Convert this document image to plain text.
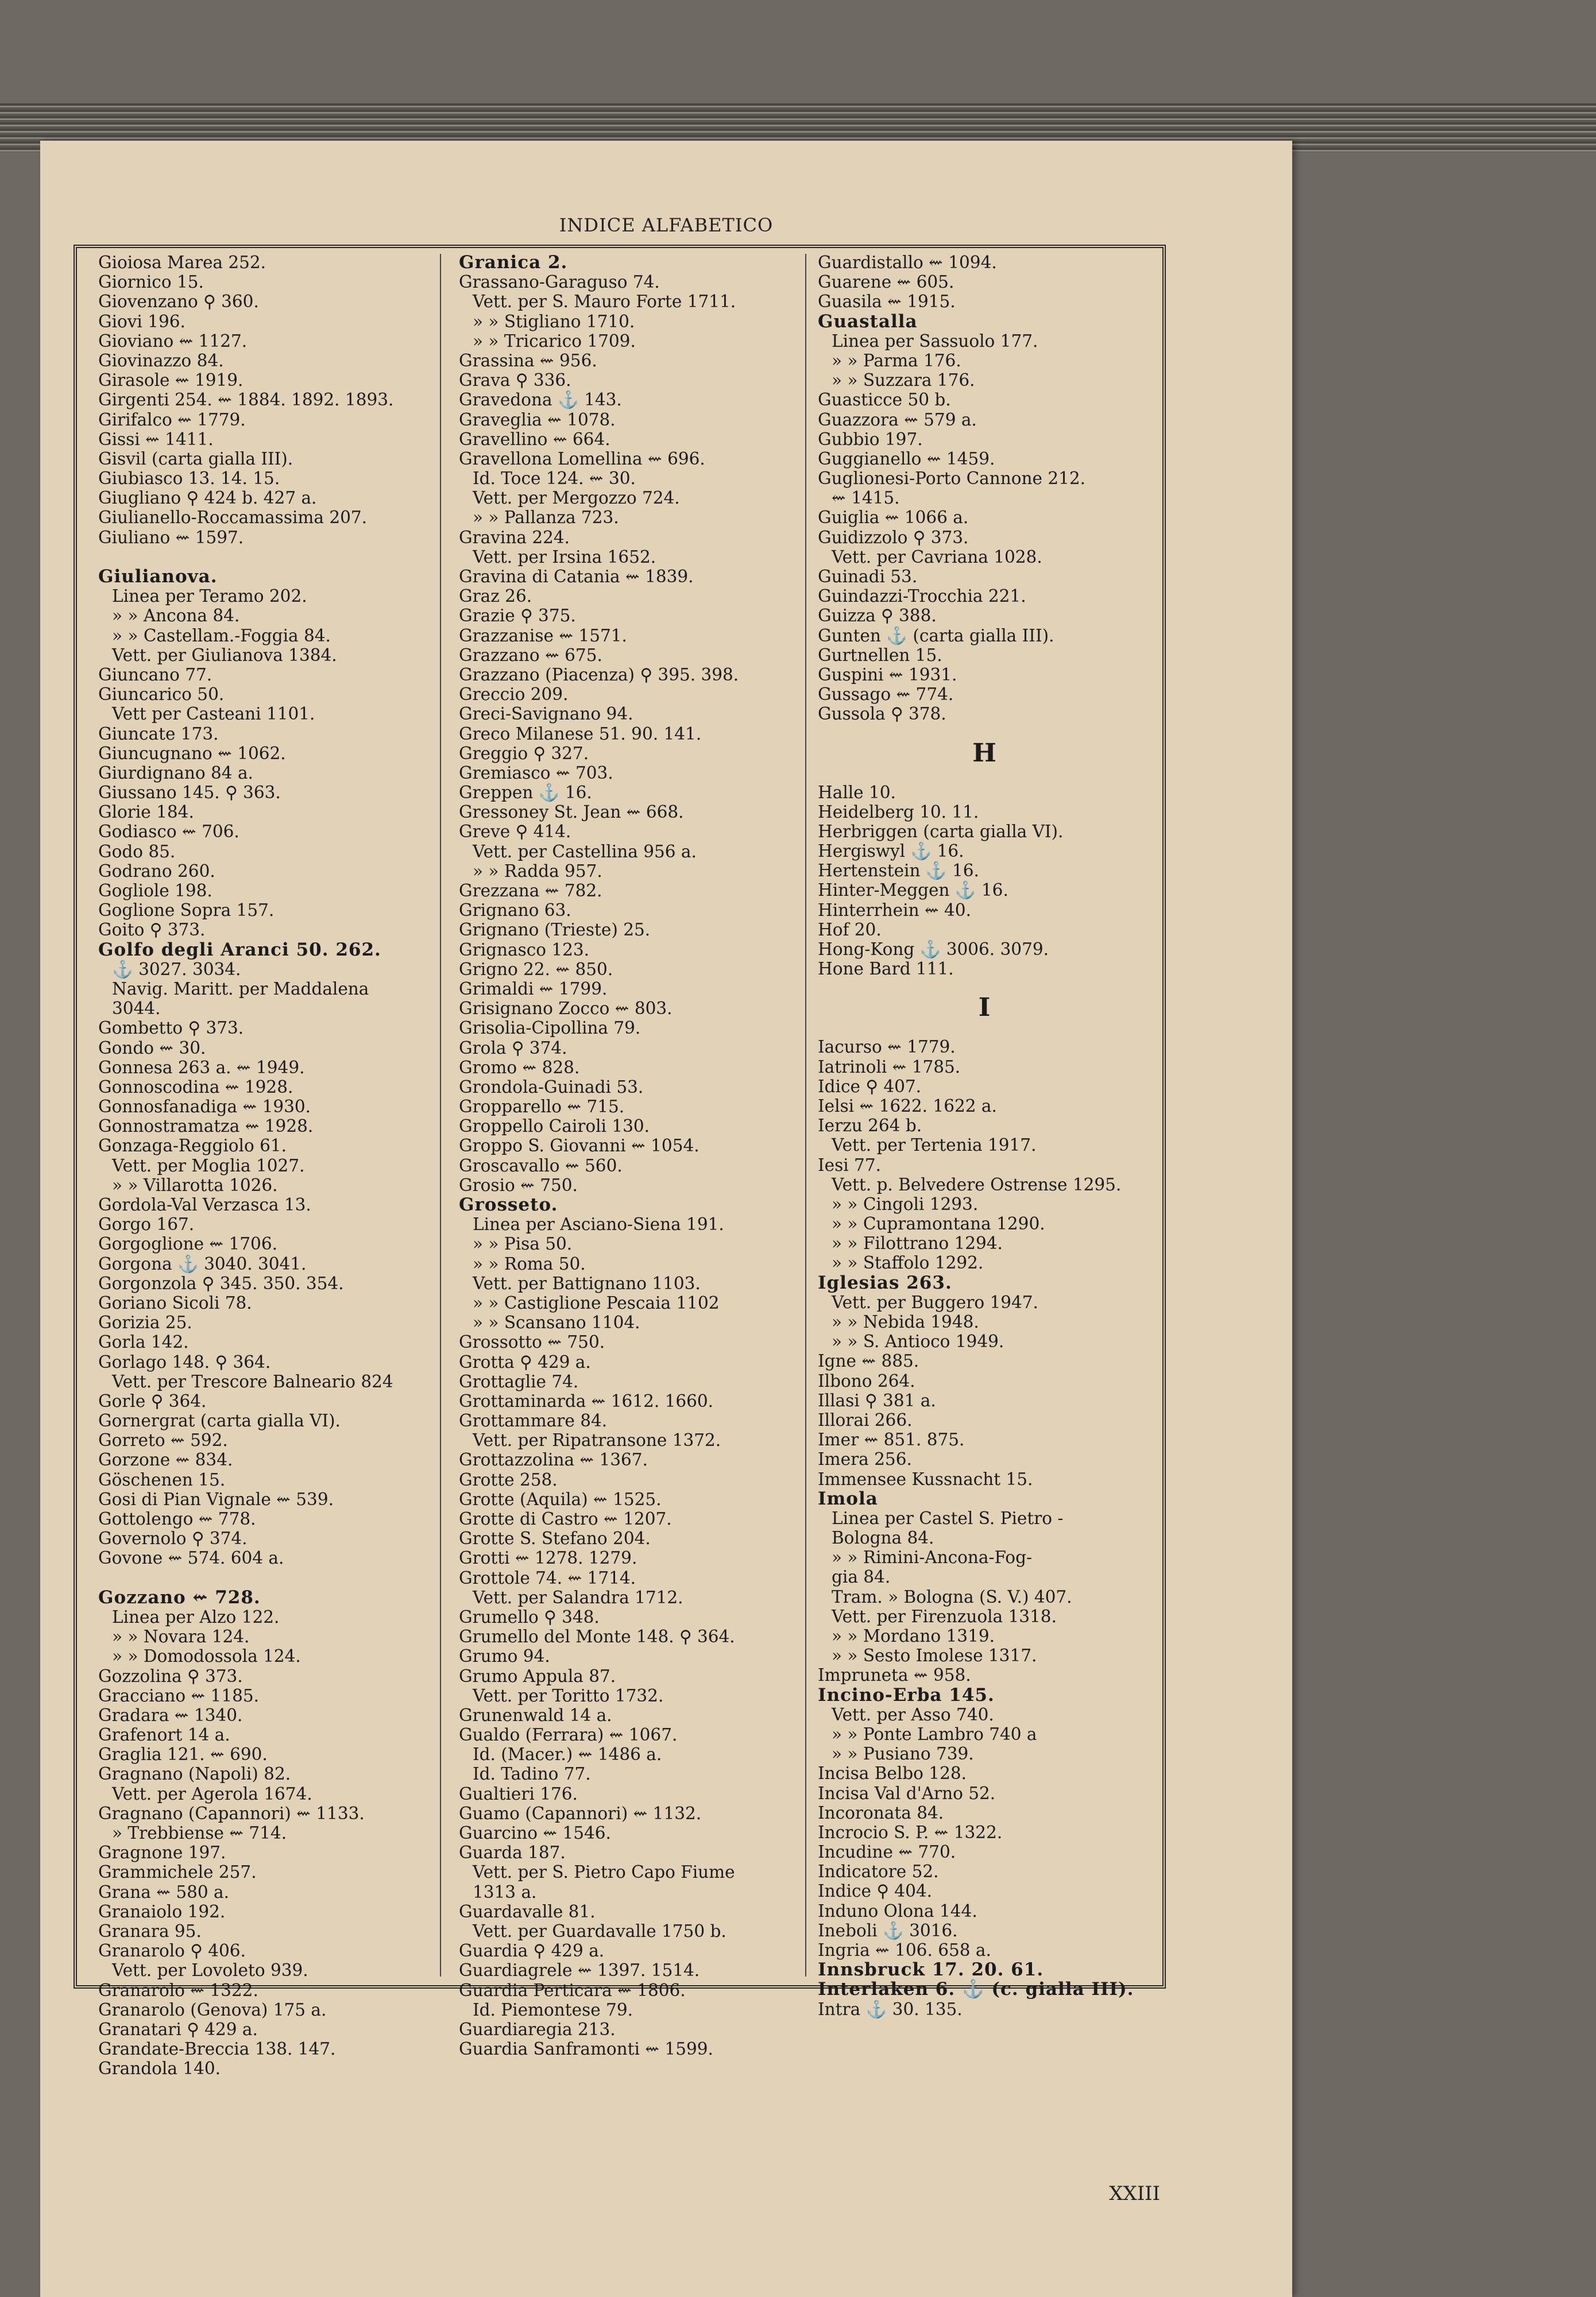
INDICE ALFABETICO
Gioiosa Marea 252.
Giornico 15.
Giovenzano ⚲ 360.
Giovi 196.
Gioviano ⇜ 1127.
Giovinazzo 84.
Girasole ⇜ 1919.
Girgenti 254. ⇜ 1884. 1892. 1893.
Girifalco ⇜ 1779.
Gissi ⇜ 1411.
Gisvil (carta gialla III).
Giubiasco 13. 14. 15.
Giugliano ⚲ 424 b. 427 a.
Giulianello-Roccamassima 207.
Giuliano ⇜ 1597.
Giulianova.
Linea per Teramo 202.
» » Ancona 84.
» » Castellam.-Foggia 84.
Vett. per Giulianova 1384.
Giuncano 77.
Giuncarico 50.
Vett per Casteani 1101.
Giuncate 173.
Giuncugnano ⇜ 1062.
Giurdignano 84 a.
Giussano 145. ⚲ 363.
Glorie 184.
Godiasco ⇜ 706.
Godo 85.
Godrano 260.
Gogliole 198.
Goglione Sopra 157.
Goito ⚲ 373.
Golfo degli Aranci 50. 262.
⚓ 3027. 3034.
Navig. Maritt. per Maddalena
3044.
Gombetto ⚲ 373.
Gondo ⇜ 30.
Gonnesa 263 a. ⇜ 1949.
Gonnoscodina ⇜ 1928.
Gonnosfanadiga ⇜ 1930.
Gonnostramatza ⇜ 1928.
Gonzaga-Reggiolo 61.
Vett. per Moglia 1027.
» » Villarotta 1026.
Gordola-Val Verzasca 13.
Gorgo 167.
Gorgoglione ⇜ 1706.
Gorgona ⚓ 3040. 3041.
Gorgonzola ⚲ 345. 350. 354.
Goriano Sicoli 78.
Gorizia 25.
Gorla 142.
Gorlago 148. ⚲ 364.
Vett. per Trescore Balneario 824
Gorle ⚲ 364.
Gornergrat (carta gialla VI).
Gorreto ⇜ 592.
Gorzone ⇜ 834.
Göschenen 15.
Gosi di Pian Vignale ⇜ 539.
Gottolengo ⇜ 778.
Governolo ⚲ 374.
Govone ⇜ 574. 604 a.
Gozzano ⇜ 728.
Linea per Alzo 122.
» » Novara 124.
» » Domodossola 124.
Gozzolina ⚲ 373.
Gracciano ⇜ 1185.
Gradara ⇜ 1340.
Grafenort 14 a.
Graglia 121. ⇜ 690.
Gragnano (Napoli) 82.
Vett. per Agerola 1674.
Gragnano (Capannori) ⇜ 1133.
» Trebbiense ⇜ 714.
Gragnone 197.
Grammichele 257.
Grana ⇜ 580 a.
Granaiolo 192.
Granara 95.
Granarolo ⚲ 406.
Vett. per Lovoleto 939.
Granarolo ⇜ 1322.
Granarolo (Genova) 175 a.
Granatari ⚲ 429 a.
Grandate-Breccia 138. 147.
Grandola 140.
Granica 2.
Grassano-Garaguso 74.
Vett. per S. Mauro Forte 1711.
» » Stigliano 1710.
» » Tricarico 1709.
Grassina ⇜ 956.
Grava ⚲ 336.
Gravedona ⚓ 143.
Graveglia ⇜ 1078.
Gravellino ⇜ 664.
Gravellona Lomellina ⇜ 696.
Id. Toce 124. ⇜ 30.
Vett. per Mergozzo 724.
» » Pallanza 723.
Gravina 224.
Vett. per Irsina 1652.
Gravina di Catania ⇜ 1839.
Graz 26.
Grazie ⚲ 375.
Grazzanise ⇜ 1571.
Grazzano ⇜ 675.
Grazzano (Piacenza) ⚲ 395. 398.
Greccio 209.
Greci-Savignano 94.
Greco Milanese 51. 90. 141.
Greggio ⚲ 327.
Gremiasco ⇜ 703.
Greppen ⚓ 16.
Gressoney St. Jean ⇜ 668.
Greve ⚲ 414.
Vett. per Castellina 956 a.
» » Radda 957.
Grezzana ⇜ 782.
Grignano 63.
Grignano (Trieste) 25.
Grignasco 123.
Grigno 22. ⇜ 850.
Grimaldi ⇜ 1799.
Grisignano Zocco ⇜ 803.
Grisolia-Cipollina 79.
Grola ⚲ 374.
Gromo ⇜ 828.
Grondola-Guinadi 53.
Gropparello ⇜ 715.
Groppello Cairoli 130.
Groppo S. Giovanni ⇜ 1054.
Groscavallo ⇜ 560.
Grosio ⇜ 750.
Grosseto.
Linea per Asciano-Siena 191.
» » Pisa 50.
» » Roma 50.
Vett. per Battignano 1103.
» » Castiglione Pescaia 1102
» » Scansano 1104.
Grossotto ⇜ 750.
Grotta ⚲ 429 a.
Grottaglie 74.
Grottaminarda ⇜ 1612. 1660.
Grottammare 84.
Vett. per Ripatransone 1372.
Grottazzolina ⇜ 1367.
Grotte 258.
Grotte (Aquila) ⇜ 1525.
Grotte di Castro ⇜ 1207.
Grotte S. Stefano 204.
Grotti ⇜ 1278. 1279.
Grottole 74. ⇜ 1714.
Vett. per Salandra 1712.
Grumello ⚲ 348.
Grumello del Monte 148. ⚲ 364.
Grumo 94.
Grumo Appula 87.
Vett. per Toritto 1732.
Grunenwald 14 a.
Gualdo (Ferrara) ⇜ 1067.
Id. (Macer.) ⇜ 1486 a.
Id. Tadino 77.
Gualtieri 176.
Guamo (Capannori) ⇜ 1132.
Guarcino ⇜ 1546.
Guarda 187.
Vett. per S. Pietro Capo Fiume
1313 a.
Guardavalle 81.
Vett. per Guardavalle 1750 b.
Guardia ⚲ 429 a.
Guardiagrele ⇜ 1397. 1514.
Guardia Perticara ⇜ 1806.
Id. Piemontese 79.
Guardiaregia 213.
Guardia Sanframonti ⇜ 1599.
Guardistallo ⇜ 1094.
Guarene ⇜ 605.
Guasila ⇜ 1915.
Guastalla
Linea per Sassuolo 177.
» » Parma 176.
» » Suzzara 176.
Guasticce 50 b.
Guazzora ⇜ 579 a.
Gubbio 197.
Guggianello ⇜ 1459.
Guglionesi-Porto Cannone 212.
⇜ 1415.
Guiglia ⇜ 1066 a.
Guidizzolo ⚲ 373.
Vett. per Cavriana 1028.
Guinadi 53.
Guindazzi-Trocchia 221.
Guizza ⚲ 388.
Gunten ⚓ (carta gialla III).
Gurtnellen 15.
Guspini ⇜ 1931.
Gussago ⇜ 774.
Gussola ⚲ 378.
H
Halle 10.
Heidelberg 10. 11.
Herbriggen (carta gialla VI).
Hergiswyl ⚓ 16.
Hertenstein ⚓ 16.
Hinter-Meggen ⚓ 16.
Hinterrhein ⇜ 40.
Hof 20.
Hong-Kong ⚓ 3006. 3079.
Hone Bard 111.
I
Iacurso ⇜ 1779.
Iatrinoli ⇜ 1785.
Idice ⚲ 407.
Ielsi ⇜ 1622. 1622 a.
Ierzu 264 b.
Vett. per Tertenia 1917.
Iesi 77.
Vett. p. Belvedere Ostrense 1295.
» » Cingoli 1293.
» » Cupramontana 1290.
» » Filottrano 1294.
» » Staffolo 1292.
Iglesias 263.
Vett. per Buggero 1947.
» » Nebida 1948.
» » S. Antioco 1949.
Igne ⇜ 885.
Ilbono 264.
Illasi ⚲ 381 a.
Illorai 266.
Imer ⇜ 851. 875.
Imera 256.
Immensee Kussnacht 15.
Imola
Linea per Castel S. Pietro -
Bologna 84.
» » Rimini-Ancona-Fog-
gia 84.
Tram. » Bologna (S. V.) 407.
Vett. per Firenzuola 1318.
» » Mordano 1319.
» » Sesto Imolese 1317.
Impruneta ⇜ 958.
Incino-Erba 145.
Vett. per Asso 740.
» » Ponte Lambro 740 a
» » Pusiano 739.
Incisa Belbo 128.
Incisa Val d'Arno 52.
Incoronata 84.
Incrocio S. P. ⇜ 1322.
Incudine ⇜ 770.
Indicatore 52.
Indice ⚲ 404.
Induno Olona 144.
Ineboli ⚓ 3016.
Ingria ⇜ 106. 658 a.
Innsbruck 17. 20. 61.
Interlaken 6. ⚓ (c. gialla III).
Intra ⚓ 30. 135.
XXIII
